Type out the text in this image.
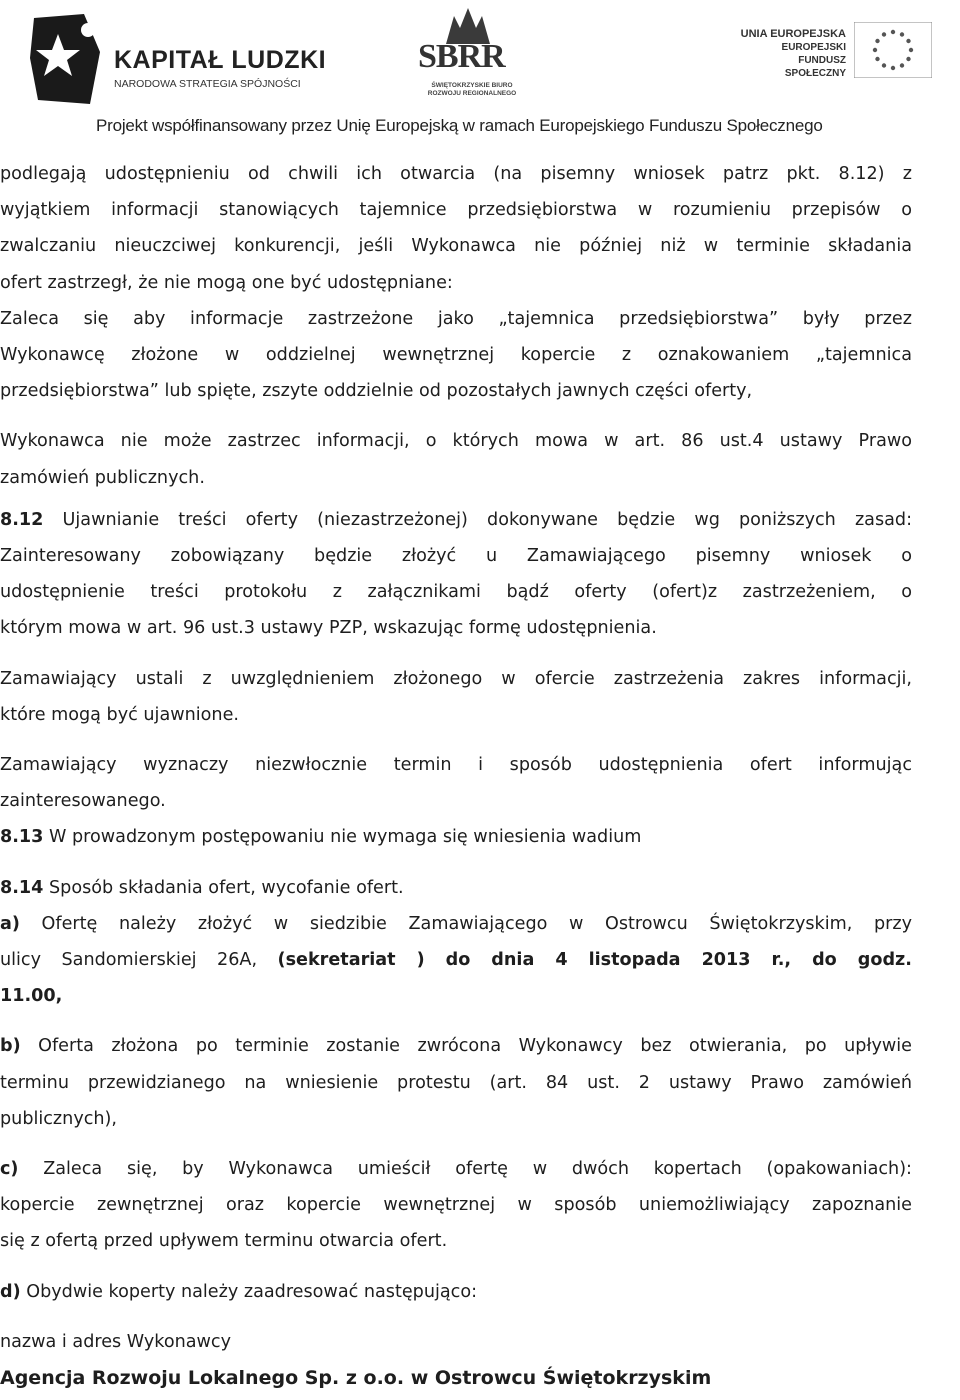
KAPITAŁ LUDZKI
NARODOWA STRATEGIA SPÓJNOŚCI
SBRR
ŚWIĘTOKRZYSKIE BIURO
ROZWOJU REGIONALNEGO
UNIA EUROPEJSKA
EUROPEJSKI
FUNDUSZ SPOŁECZNY
Projekt współfinansowany przez Unię Europejską w ramach Europejskiego Funduszu Społecznego
podlegają udostępnieniu od chwili ich otwarcia (na pisemny wniosek patrz pkt. 8.12) z
wyjątkiem informacji stanowiących tajemnice przedsiębiorstwa w rozumieniu przepisów o
zwalczaniu nieuczciwej konkurencji, jeśli Wykonawca nie później niż w terminie składania
ofert zastrzegł, że nie mogą one być udostępniane:
Zaleca się aby informacje zastrzeżone jako „tajemnica przedsiębiorstwa” były przez
Wykonawcę złożone w oddzielnej wewnętrznej kopercie z oznakowaniem „tajemnica
przedsiębiorstwa” lub spięte, zszyte oddzielnie od pozostałych jawnych części oferty,
Wykonawca nie może zastrzec informacji, o których mowa w art. 86 ust.4 ustawy Prawo
zamówień publicznych.
8.12 Ujawnianie treści oferty (niezastrzeżonej) dokonywane będzie wg poniższych zasad:
Zainteresowany zobowiązany będzie złożyć u Zamawiającego pisemny wniosek o
udostępnienie treści protokołu z załącznikami bądź oferty (ofert)z zastrzeżeniem, o
którym mowa w art. 96 ust.3 ustawy PZP, wskazując formę udostępnienia.
Zamawiający ustali z uwzględnieniem złożonego w ofercie zastrzeżenia zakres informacji,
które mogą być ujawnione.
Zamawiający wyznaczy niezwłocznie termin i sposób udostępnienia ofert informując
zainteresowanego.
8.13 W prowadzonym postępowaniu nie wymaga się wniesienia wadium
8.14 Sposób składania ofert, wycofanie ofert.
a) Ofertę należy złożyć w siedzibie Zamawiającego w Ostrowcu Świętokrzyskim, przy
ulicy Sandomierskiej 26A, (sekretariat ) do dnia 4 listopada 2013 r., do godz.
11.00,
b) Oferta złożona po terminie zostanie zwrócona Wykonawcy bez otwierania, po upływie
terminu przewidzianego na wniesienie protestu (art. 84 ust. 2 ustawy Prawo zamówień
publicznych),
c) Zaleca się, by Wykonawca umieścił ofertę w dwóch kopertach (opakowaniach):
kopercie zewnętrznej oraz kopercie wewnętrznej w sposób uniemożliwiający zapoznanie
się z ofertą przed upływem terminu otwarcia ofert.
d) Obydwie koperty należy zaadresować następująco:
nazwa i adres Wykonawcy
Agencja Rozwoju Lokalnego Sp. z o.o. w Ostrowcu Świętokrzyskim
